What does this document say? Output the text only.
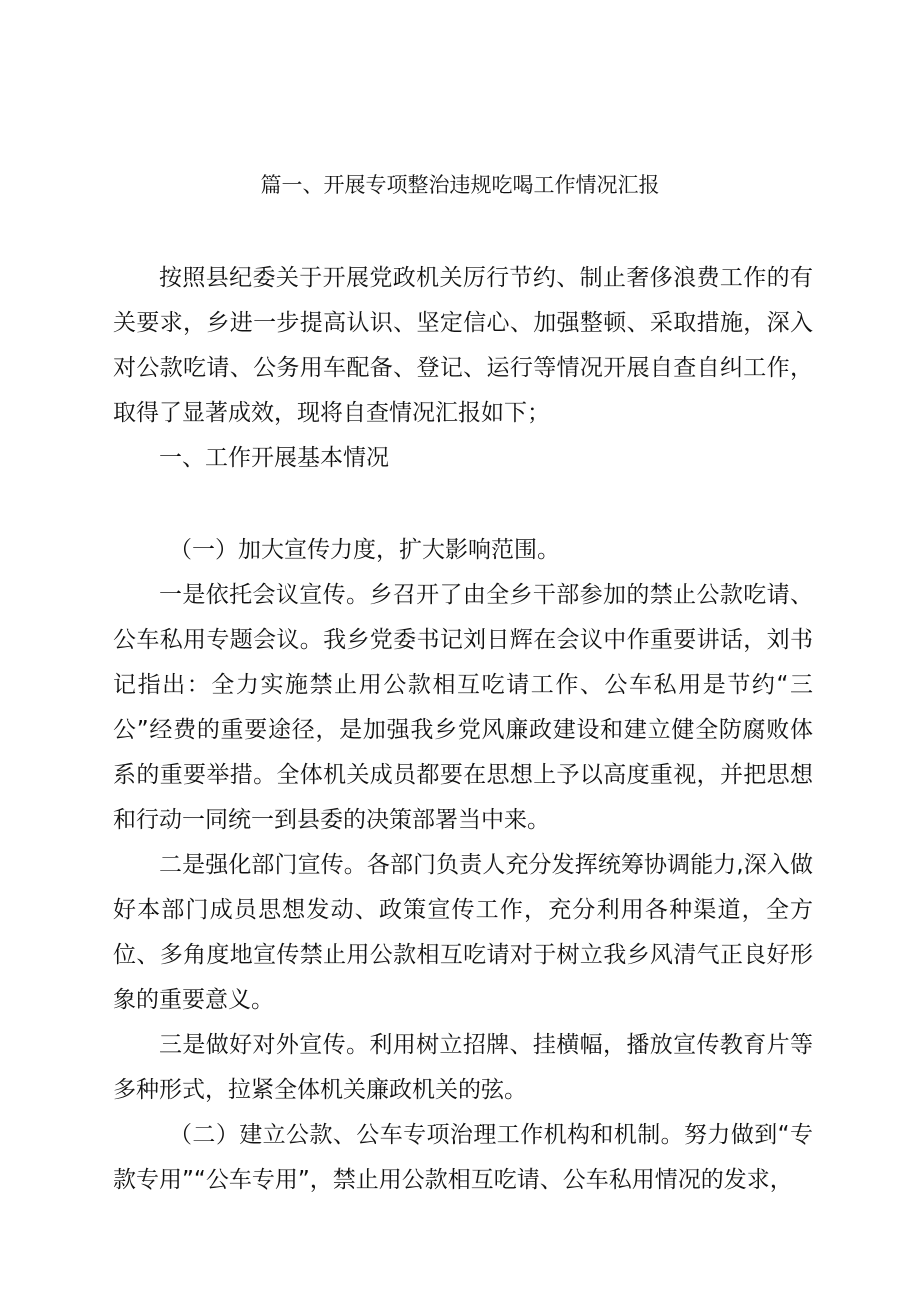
篇一、开展专项整治违规吃喝工作情况汇报

按照县纪委关于开展党政机关厉行节约、制止奢侈浪费工作的有关要求，乡进一步提高认识、坚定信心、加强整顿、采取措施，深入对公款吃请、公务用车配备、登记、运行等情况开展自查自纠工作，取得了显著成效，现将自查情况汇报如下；

一、工作开展基本情况

（一）加大宣传力度，扩大影响范围。

一是依托会议宣传。乡召开了由全乡干部参加的禁止公款吃请、公车私用专题会议。我乡党委书记刘日辉在会议中作重要讲话，刘书记指出：全力实施禁止用公款相互吃请工作、公车私用是节约“三公”经费的重要途径，是加强我乡党风廉政建设和建立健全防腐败体系的重要举措。全体机关成员都要在思想上予以高度重视，并把思想和行动一同统一到县委的决策部署当中来。

二是强化部门宣传。各部门负责人充分发挥统筹协调能力,深入做好本部门成员思想发动、政策宣传工作，充分利用各种渠道，全方位、多角度地宣传禁止用公款相互吃请对于树立我乡风清气正良好形象的重要意义。

三是做好对外宣传。利用树立招牌、挂横幅，播放宣传教育片等多种形式，拉紧全体机关廉政机关的弦。

（二）建立公款、公车专项治理工作机构和机制。努力做到“专款专用”“公车专用”，禁止用公款相互吃请、公车私用情况的发求，
